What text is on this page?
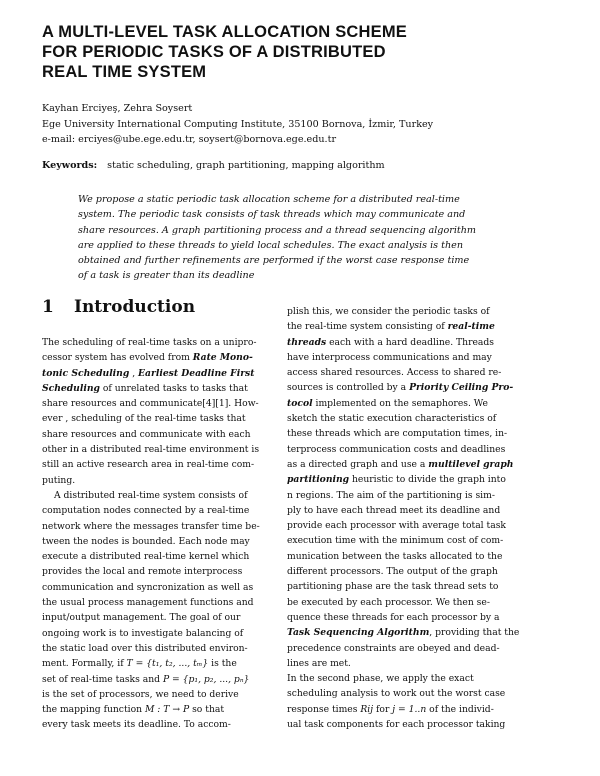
A MULTI-LEVEL TASK ALLOCATION SCHEME
FOR PERIODIC TASKS OF A DISTRIBUTED
REAL TIME SYSTEM
Kayhan Erciyeş, Zehra Soysert
Ege University International Computing Institute, 35100 Bornova, İzmir, Turkey
e-mail: erciyes@ube.ege.edu.tr, soysert@bornova.ege.edu.tr
Keywords: static scheduling, graph partitioning, mapping algorithm
We propose a static periodic task allocation scheme for a distributed real-time
system. The periodic task consists of task threads which may communicate and
share resources. A graph partitioning process and a thread sequencing algorithm
are applied to these threads to yield local schedules. The exact analysis is then
obtained and further refinements are performed if the worst case response time
of a task is greater than its deadline
1 Introduction
The scheduling of real-time tasks on a unipro-
cessor system has evolved from Rate Mono-
tonic Scheduling , Earliest Deadline First
Scheduling of unrelated tasks to tasks that
share resources and communicate[4][1]. How-
ever , scheduling of the real-time tasks that
share resources and communicate with each
other in a distributed real-time environment is
still an active research area in real-time com-
puting.
A distributed real-time system consists of
computation nodes connected by a real-time
network where the messages transfer time be-
tween the nodes is bounded. Each node may
execute a distributed real-time kernel which
provides the local and remote interprocess
communication and syncronization as well as
the usual process management functions and
input/output management. The goal of our
ongoing work is to investigate balancing of
the static load over this distributed environ-
ment. Formally, if T = {t₁, t₂, ..., tₘ} is the
set of real-time tasks and P = {p₁, p₂, ..., pₙ}
is the set of processors, we need to derive
the mapping function M : T → P so that
every task meets its deadline. To accom-
plish this, we consider the periodic tasks of
the real-time system consisting of real-time
threads each with a hard deadline. Threads
have interprocess communications and may
access shared resources. Access to shared re-
sources is controlled by a Priority Ceiling Pro-
tocol implemented on the semaphores. We
sketch the static execution characteristics of
these threads which are computation times, in-
terprocess communication costs and deadlines
as a directed graph and use a multilevel graph
partitioning heuristic to divide the graph into
n regions. The aim of the partitioning is sim-
ply to have each thread meet its deadline and
provide each processor with average total task
execution time with the minimum cost of com-
munication between the tasks allocated to the
different processors. The output of the graph
partitioning phase are the task thread sets to
be executed by each processor. We then se-
quence these threads for each processor by a
Task Sequencing Algorithm, providing that the
precedence constraints are obeyed and dead-
lines are met.
In the second phase, we apply the exact
scheduling analysis to work out the worst case
response times Rij for j = 1..n of the individ-
ual task components for each processor taking
